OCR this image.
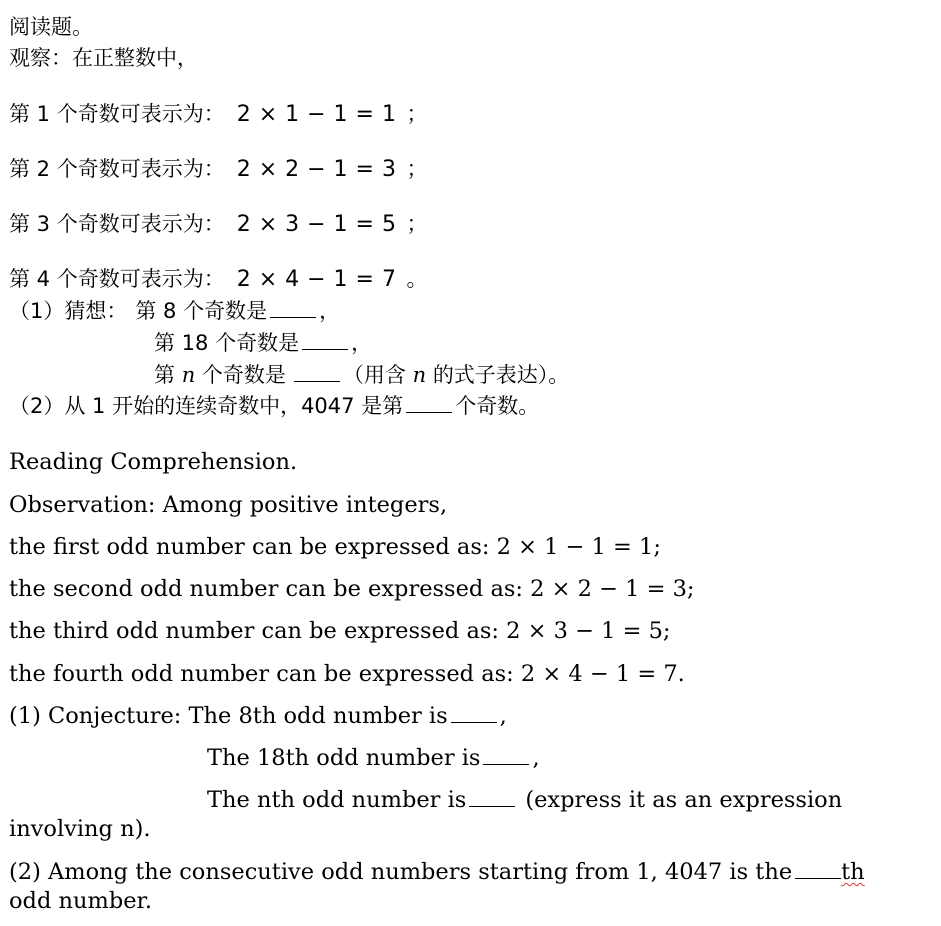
阅读题。
观察：在正整数中，
第 1 个奇数可表示为： 2 × 1 − 1 = 1 ；
第 2 个奇数可表示为： 2 × 2 − 1 = 3 ；
第 3 个奇数可表示为： 2 × 3 − 1 = 5 ；
第 4 个奇数可表示为： 2 × 4 − 1 = 7 。
（1）猜想： 第 8 个奇数是 ，
第 18 个奇数是 ，
第 n 个奇数是	（用含 n 的式子表达）。
（2）从 1 开始的连续奇数中，4047 是第 个奇数。
Reading Comprehension.
Observation: Among positive integers,
the first odd number can be expressed as: 2 × 1 − 1 = 1;
the second odd number can be expressed as: 2 × 2 − 1 = 3;
the third odd number can be expressed as: 2 × 3 − 1 = 5;
the fourth odd number can be expressed as: 2 × 4 − 1 = 7.
(1) Conjecture: The 8th odd number is ,
The 18th odd number is ,
The nth odd number is	(express it as an expression
involving n).
(2) Among the consecutive odd numbers starting from 1, 4047 is the th
odd number.
